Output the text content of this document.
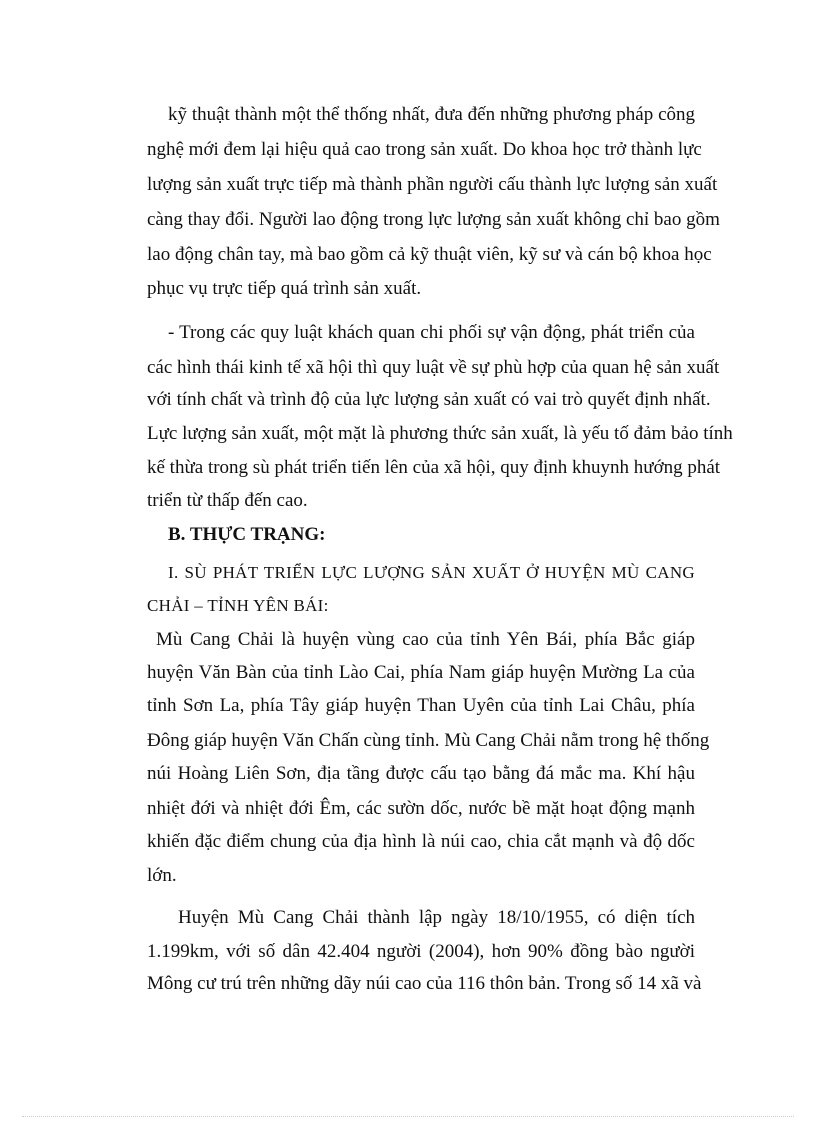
kỹ thuật thành một thể thống nhất, đưa đến những phương pháp công
nghệ mới đem lại hiệu quả cao trong sản xuất. Do khoa học trở thành lực
lượng sản xuất trực tiếp mà thành phần người cấu thành lực lượng sản xuất
càng thay đổi. Người lao động trong lực lượng sản xuất không chỉ bao gồm
lao động chân tay, mà bao gồm cả kỹ thuật viên, kỹ sư và cán bộ khoa học
phục vụ trực tiếp quá trình sản xuất.
- Trong các quy luật khách quan chi phối sự vận động, phát triển của
các hình thái kinh tế xã hội thì quy luật về sự phù hợp của quan hệ sản xuất
với tính chất và trình độ của lực lượng sản xuất có vai trò quyết định nhất.
Lực lượng sản xuất, một mặt là phương thức sản xuất, là yếu tố đảm bảo tính
kế thừa trong sù phát triển tiến lên của xã hội, quy định khuynh hướng phát
triển từ thấp đến cao.
B. THỰC TRẠNG:
I. SÙ PHÁT TRIỂN LỰC LƯỢNG SẢN XUẤT Ở HUYỆN MÙ CANG
CHẢI – TỈNH YÊN BÁI:
Mù Cang Chải là huyện vùng cao của tỉnh Yên Bái, phía Bắc giáp
huyện Văn Bàn của tỉnh Lào Cai, phía Nam giáp huyện Mường La của
tỉnh Sơn La, phía Tây giáp huyện Than Uyên của tỉnh Lai Châu, phía
Đông giáp huyện Văn Chấn cùng tỉnh. Mù Cang Chải nằm trong hệ thống
núi Hoàng Liên Sơn, địa tầng được cấu tạo bằng đá mắc ma. Khí hậu
nhiệt đới và nhiệt đới Êm, các sườn dốc, nước bề mặt hoạt động mạnh
khiến đặc điểm chung của địa hình là núi cao, chia cắt mạnh và độ dốc
lớn.
Huyện Mù Cang Chải thành lập ngày 18/10/1955, có diện tích
1.199km, với số dân 42.404 người (2004), hơn 90% đồng bào người
Mông cư trú trên những dãy núi cao của 116 thôn bản. Trong số 14 xã và
